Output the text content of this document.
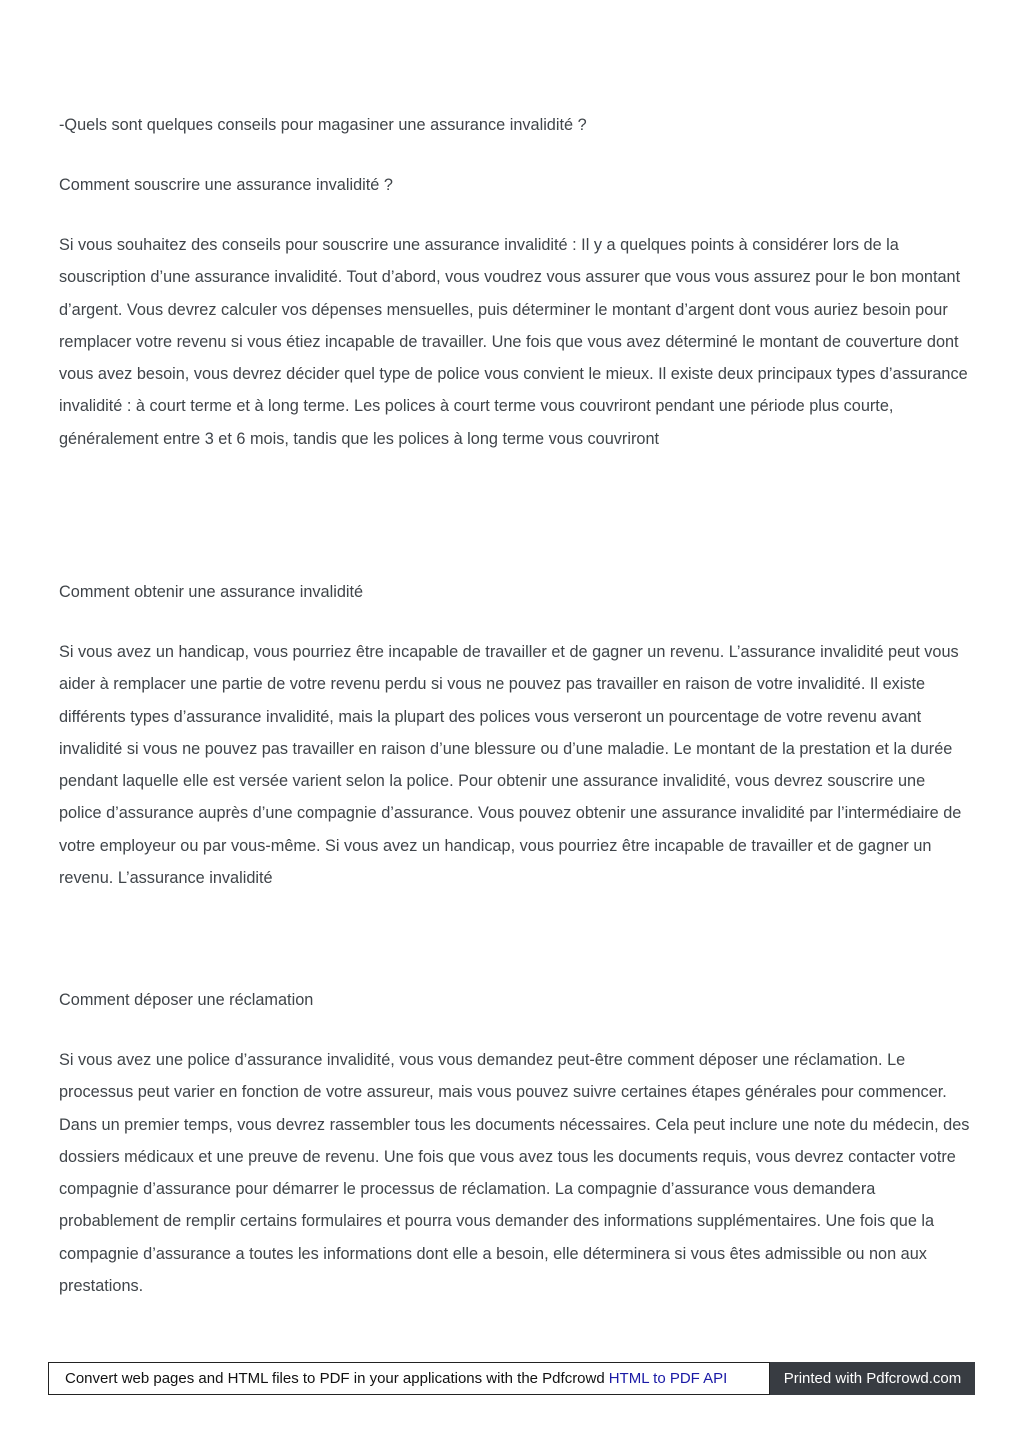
-Quels sont quelques conseils pour magasiner une assurance invalidité ?
Comment souscrire une assurance invalidité ?

Si vous souhaitez des conseils pour souscrire une assurance invalidité : Il y a quelques points à considérer lors de la souscription d’une assurance invalidité. Tout d’abord, vous voudrez vous assurer que vous vous assurez pour le bon montant d’argent. Vous devrez calculer vos dépenses mensuelles, puis déterminer le montant d’argent dont vous auriez besoin pour remplacer votre revenu si vous étiez incapable de travailler. Une fois que vous avez déterminé le montant de couverture dont vous avez besoin, vous devrez décider quel type de police vous convient le mieux. Il existe deux principaux types d’assurance invalidité : à court terme et à long terme. Les polices à court terme vous couvriront pendant une période plus courte, généralement entre 3 et 6 mois, tandis que les polices à long terme vous couvriront

Comment obtenir une assurance invalidité

Si vous avez un handicap, vous pourriez être incapable de travailler et de gagner un revenu. L’assurance invalidité peut vous aider à remplacer une partie de votre revenu perdu si vous ne pouvez pas travailler en raison de votre invalidité. Il existe différents types d’assurance invalidité, mais la plupart des polices vous verseront un pourcentage de votre revenu avant invalidité si vous ne pouvez pas travailler en raison d’une blessure ou d’une maladie. Le montant de la prestation et la durée pendant laquelle elle est versée varient selon la police. Pour obtenir une assurance invalidité, vous devrez souscrire une police d’assurance auprès d’une compagnie d’assurance. Vous pouvez obtenir une assurance invalidité par l’intermédiaire de votre employeur ou par vous-même. Si vous avez un handicap, vous pourriez être incapable de travailler et de gagner un revenu. L’assurance invalidité

Comment déposer une réclamation

Si vous avez une police d’assurance invalidité, vous vous demandez peut-être comment déposer une réclamation. Le processus peut varier en fonction de votre assureur, mais vous pouvez suivre certaines étapes générales pour commencer. Dans un premier temps, vous devrez rassembler tous les documents nécessaires. Cela peut inclure une note du médecin, des dossiers médicaux et une preuve de revenu. Une fois que vous avez tous les documents requis, vous devrez contacter votre compagnie d’assurance pour démarrer le processus de réclamation. La compagnie d’assurance vous demandera probablement de remplir certains formulaires et pourra vous demander des informations supplémentaires. Une fois que la compagnie d’assurance a toutes les informations dont elle a besoin, elle déterminera si vous êtes admissible ou non aux prestations.

Convert web pages and HTML files to PDF in your applications with the Pdfcrowd HTML to PDF API	Printed with Pdfcrowd.com
